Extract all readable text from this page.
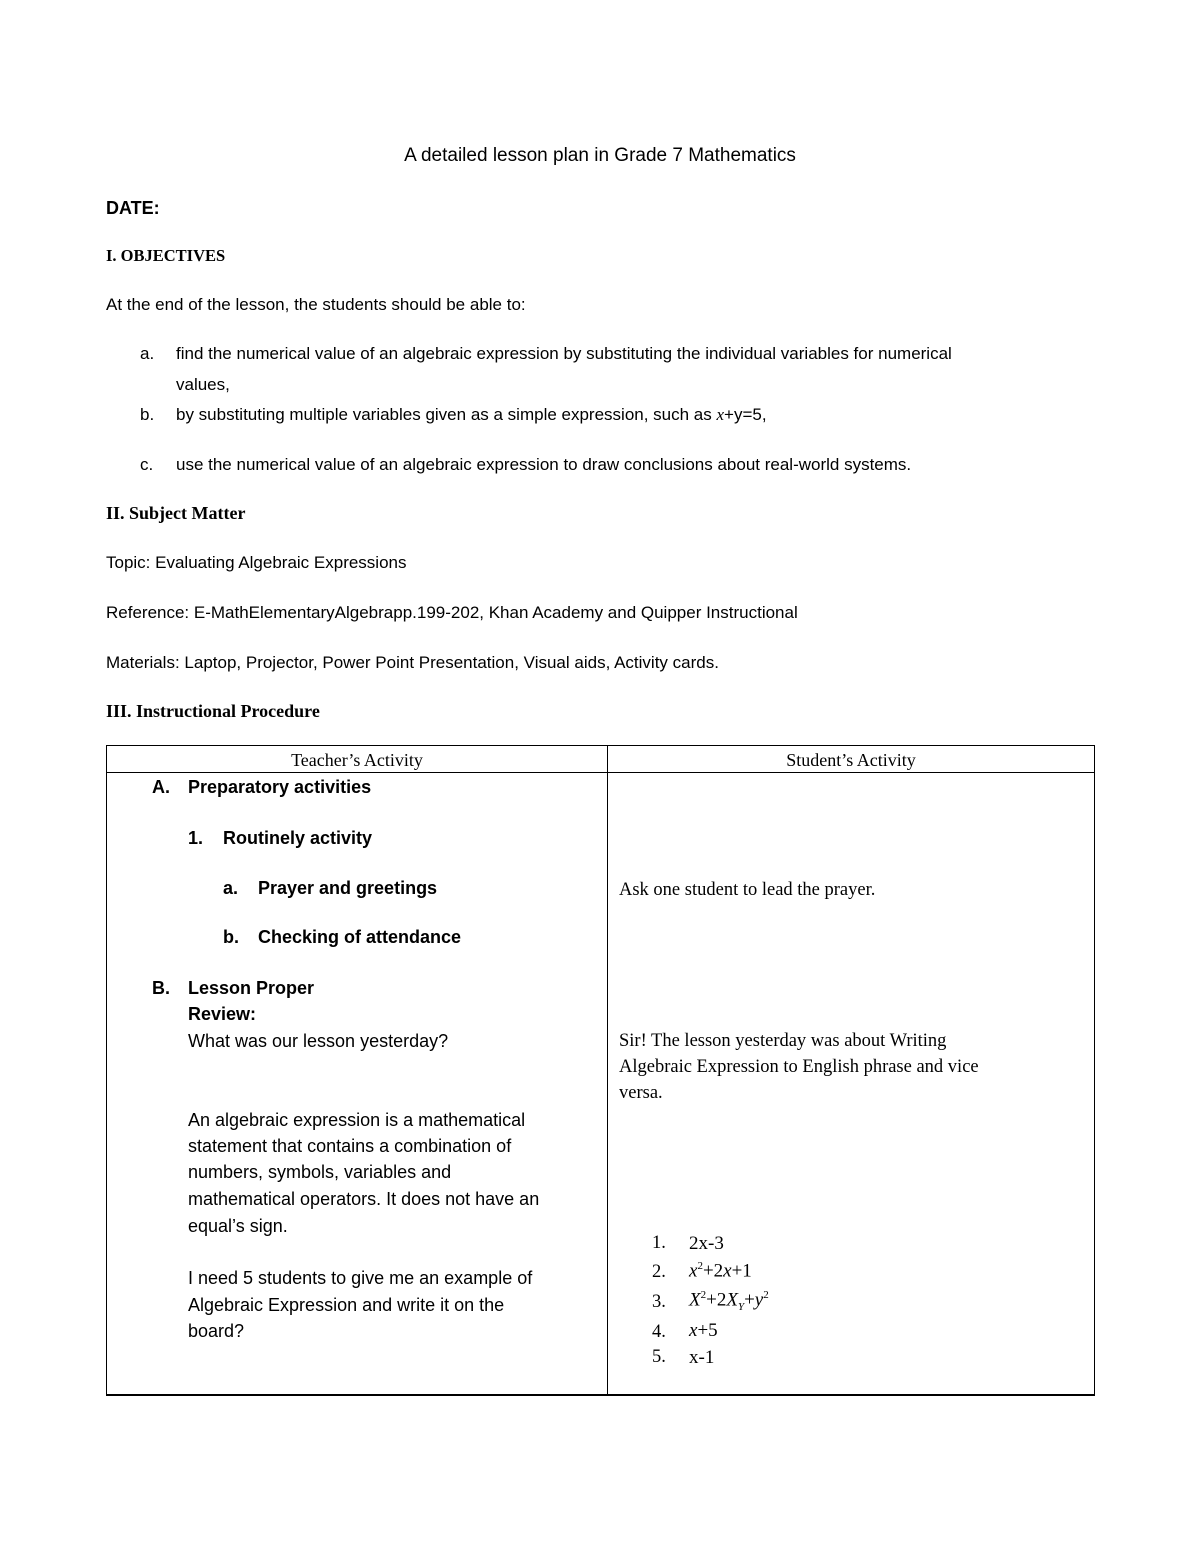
A detailed lesson plan in Grade 7 Mathematics
DATE:
I. OBJECTIVES
At the end of the lesson, the students should be able to:
a. find the numerical value of an algebraic expression by substituting the individual variables for numerical
values,
b. by substituting multiple variables given as a simple expression, such as x+y=5,
c. use the numerical value of an algebraic expression to draw conclusions about real-world systems.
II. Subject Matter
Topic: Evaluating Algebraic Expressions
Reference: E-MathElementaryAlgebrapp.199-202, Khan Academy and Quipper Instructional
Materials: Laptop, Projector, Power Point Presentation, Visual aids, Activity cards.
III. Instructional Procedure
Teacher’s Activity	Student’s Activity
A. Preparatory activities
1. Routinely activity
a. Prayer and greetings
b. Checking of attendance
B. Lesson Proper
Review:
What was our lesson yesterday?
An algebraic expression is a mathematical
statement that contains a combination of
numbers, symbols, variables and
mathematical operators. It does not have an
equal’s sign.
I need 5 students to give me an example of
Algebraic Expression and write it on the
board?
Ask one student to lead the prayer.
Sir! The lesson yesterday was about Writing
Algebraic Expression to English phrase and vice
versa.
1. 2x-3
2. $x^2+2x+1$
3. $X^2+2X_Y+y^2$
4. x+5
5. x-1
